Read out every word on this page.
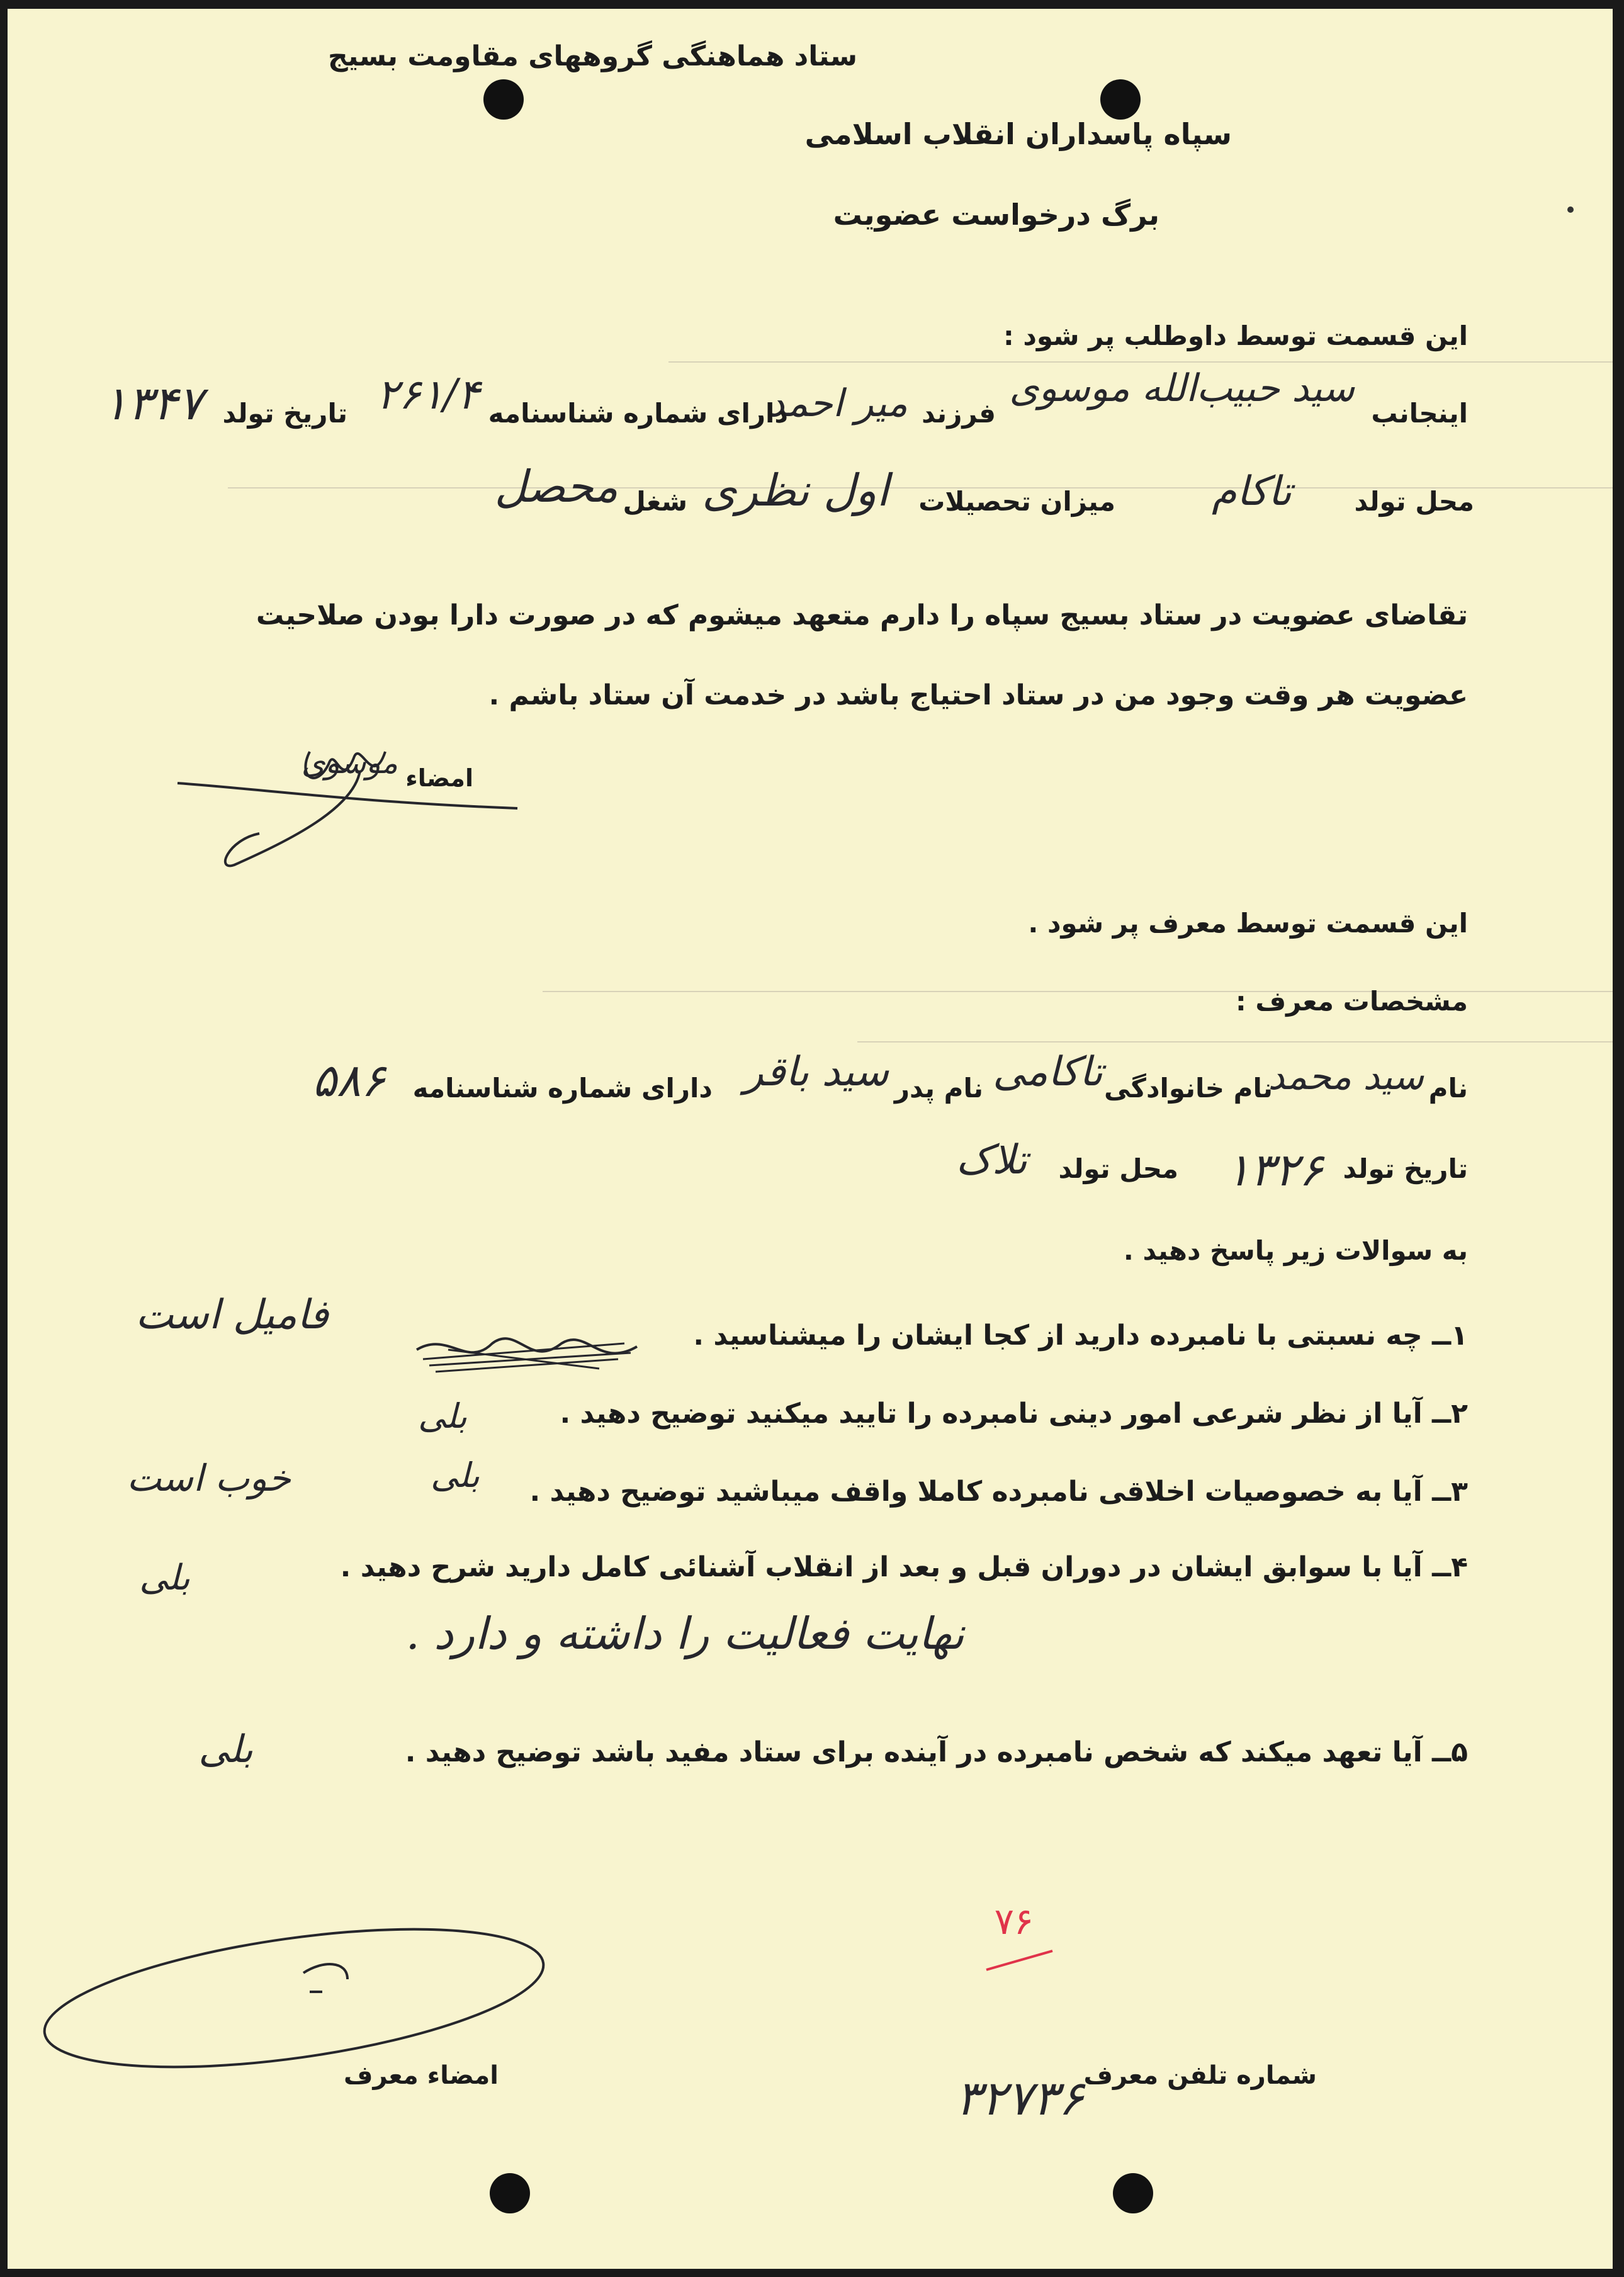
ستاد هماهنگی گروههای مقاومت بسیج
سپاه پاسداران انقلاب اسلامی
برگ درخواست عضویت
این قسمت توسط داوطلب پر شود :
اینجانب
سید حبیب‌الله موسوی
فرزند
میر احمد
دارای شماره شناسنامه
۲۶۱/۴
تاریخ تولد
۱۳۴۷
محل تولد
تاکام
میزان تحصیلات
اول نظری
شغل
محصل
تقاضای عضویت در ستاد بسیج سپاه را دارم متعهد میشوم که در صورت دارا بودن صلاحیت
عضویت هر وقت وجود من در ستاد احتیاج باشد در خدمت آن ستاد باشم .
امضاء
موسوی
این قسمت توسط معرف پر شود .
مشخصات معرف :
نام
سید محمد
نام خانوادگی
تاکامی
نام پدر
سید باقر
دارای شماره شناسنامه
۵۸۶
تاریخ تولد
۱۳۲۶
محل تولد
تلاک
به سوالات زیر پاسخ دهید .
۱ــ چه نسبتی با نامبرده دارید از کجا ایشان را میشناسید .
فامیل است
۲ــ آیا از نظر شرعی امور دینی نامبرده را تایید میکنید توضیح دهید .
بلی
۳ــ آیا به خصوصیات اخلاقی نامبرده کاملا واقف میباشید توضیح دهید .
بلی
خوب است
۴ــ آیا با سوابق ایشان در دوران قبل و بعد از انقلاب آشنائی کامل دارید شرح دهید .
بلی
نهایت فعالیت را داشته و دارد .
۵ــ آیا تعهد میکند که شخص نامبرده در آینده برای ستاد مفید باشد توضیح دهید .
بلی
۷۶
امضاء معرف	شماره تلفن معرف
۳۲۷۳۶
